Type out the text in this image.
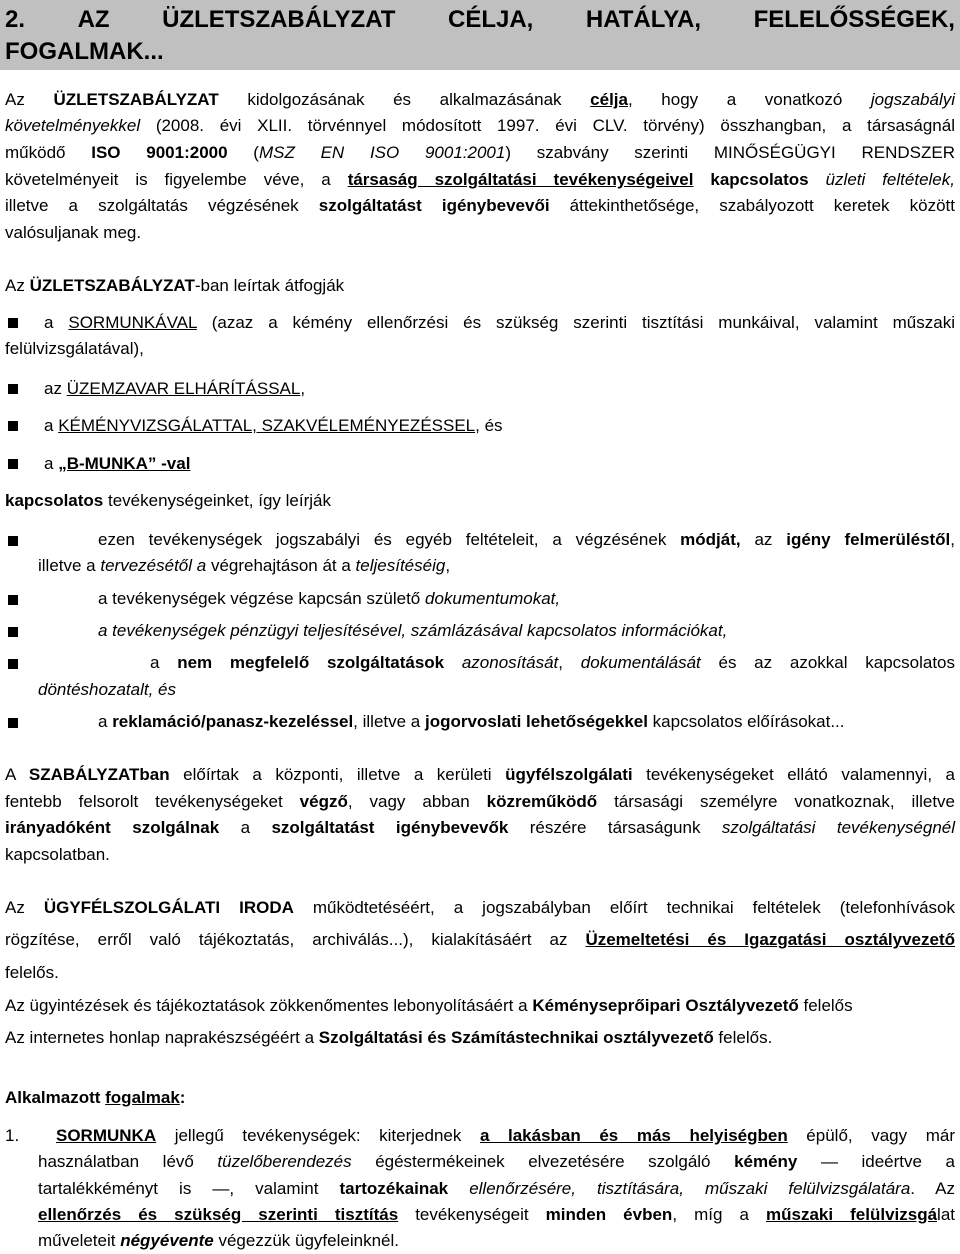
2. AZ ÜZLETSZABÁLYZAT CÉLJA, HATÁLYA, FELELŐSSÉGEK,
FOGALMAK...
Az ÜZLETSZABÁLYZAT kidolgozásának és alkalmazásának célja, hogy a vonatkozó jogszabályi
követelményekkel (2008. évi XLII. törvénnyel módosított 1997. évi CLV. törvény) összhangban, a társaságnál
működő ISO 9001:2000 (MSZ EN ISO 9001:2001) szabvány szerinti MINŐSÉGÜGYI RENDSZER
követelményeit is figyelembe véve, a társaság szolgáltatási tevékenységeivel kapcsolatos üzleti feltételek,
illetve a szolgáltatás végzésének szolgáltatást igénybevevői áttekinthetősége, szabályozott keretek között
valósuljanak meg.
Az ÜZLETSZABÁLYZAT-ban leírtak átfogják
a SORMUNKÁVAL (azaz a kémény ellenőrzési és szükség szerinti tisztítási munkáival, valamint műszaki
felülvizsgálatával),
az ÜZEMZAVAR ELHÁRÍTÁSSAL,
a KÉMÉNYVIZSGÁLATTAL, SZAKVÉLEMÉNYEZÉSSEL, és
a „B-MUNKA” -val
kapcsolatos tevékenységeinket, így leírják
ezen tevékenységek jogszabályi és egyéb feltételeit, a végzésének módját, az igény felmerüléstől,
illetve a tervezésétől a végrehajtáson át a teljesítéséig,
a tevékenységek végzése kapcsán születő dokumentumokat,
a tevékenységek pénzügyi teljesítésével, számlázásával kapcsolatos információkat,
a nem megfelelő szolgáltatások azonosítását, dokumentálását és az azokkal kapcsolatos
döntéshozatalt, és
a reklamáció/panasz-kezeléssel, illetve a jogorvoslati lehetőségekkel kapcsolatos előírásokat...
A SZABÁLYZATban előírtak a központi, illetve a kerületi ügyfélszolgálati tevékenységeket ellátó valamennyi, a
fentebb felsorolt tevékenységeket végző, vagy abban közreműködő társasági személyre vonatkoznak, illetve
irányadóként szolgálnak a szolgáltatást igénybevevők részére társaságunk szolgáltatási tevékenységnél
kapcsolatban.
Az ÜGYFÉLSZOLGÁLATI IRODA működtetéséért, a jogszabályban előírt technikai feltételek (telefonhívások
rögzítése, erről való tájékoztatás, archiválás...), kialakításáért az Üzemeltetési és Igazgatási osztályvezető
felelős.
Az ügyintézések és tájékoztatások zökkenőmentes lebonyolításáért a Kéményseprőipari Osztályvezető felelős
Az internetes honlap naprakészségéért a Szolgáltatási és Számítástechnikai osztályvezető felelős.
Alkalmazott fogalmak:
1. SORMUNKA jellegű tevékenységek: kiterjednek a lakásban és más helyiségben épülő, vagy már
használatban lévő tüzelőberendezés égéstermékeinek elvezetésére szolgáló kémény — ideértve a
tartalékkéményt is —, valamint tartozékainak ellenőrzésére, tisztítására, műszaki felülvizsgálatára. Az
ellenőrzés és szükség szerinti tisztítás tevékenységeit minden évben, míg a műszaki felülvizsgálat
műveleteit négyévente végezzük ügyfeleinknél.
